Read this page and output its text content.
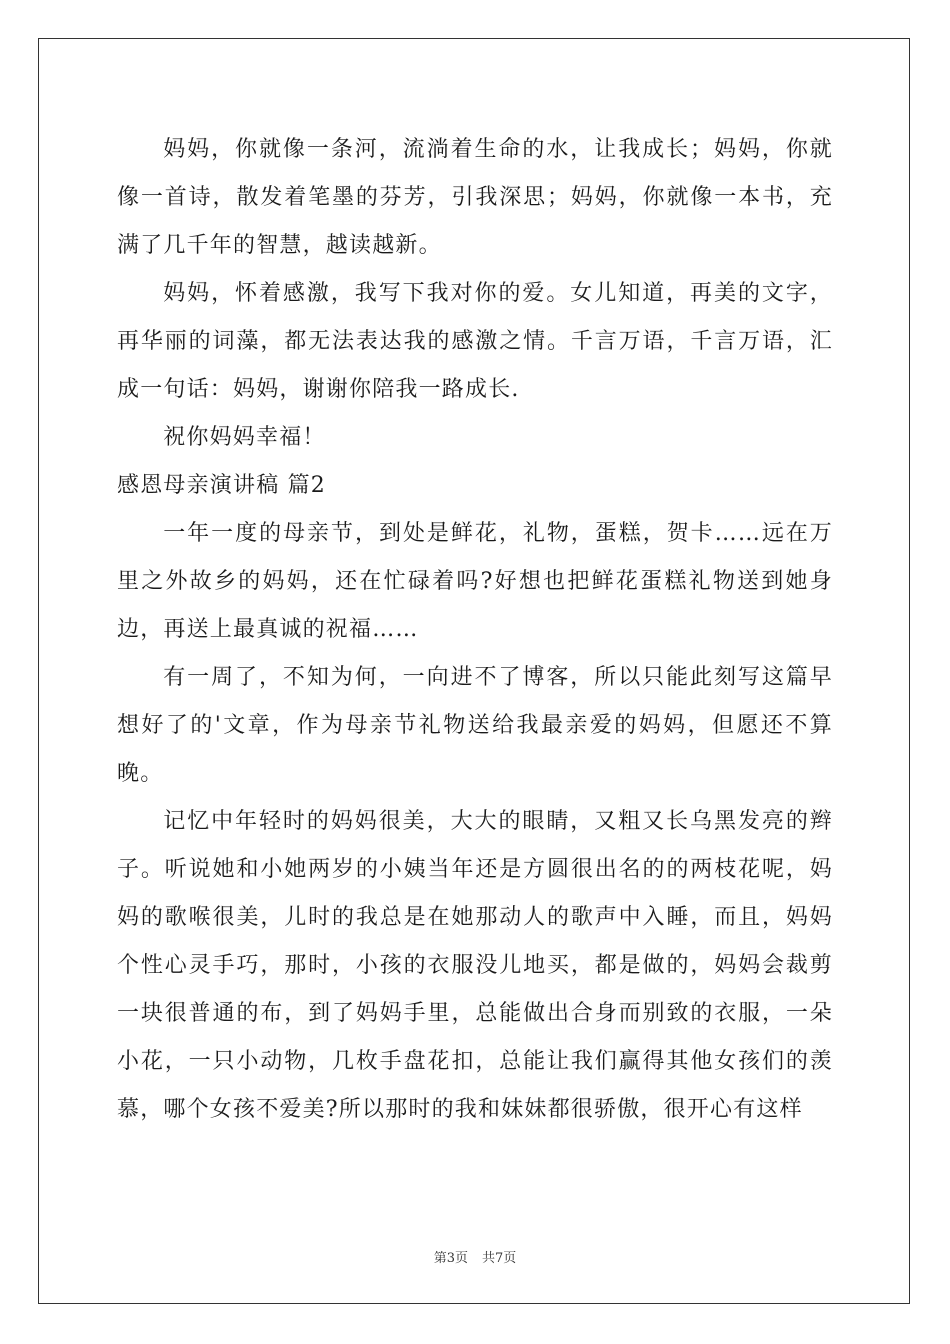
妈妈，你就像一条河，流淌着生命的水，让我成长；妈妈，你就像一首诗，散发着笔墨的芬芳，引我深思；妈妈，你就像一本书，充满了几千年的智慧，越读越新。

妈妈，怀着感激，我写下我对你的爱。女儿知道，再美的文字，再华丽的词藻，都无法表达我的感激之情。千言万语，千言万语，汇成一句话：妈妈，谢谢你陪我一路成长.

祝你妈妈幸福！

感恩母亲演讲稿 篇2

一年一度的母亲节，到处是鲜花，礼物，蛋糕，贺卡……远在万里之外故乡的妈妈，还在忙碌着吗?好想也把鲜花蛋糕礼物送到她身边，再送上最真诚的祝福……

有一周了，不知为何，一向进不了博客，所以只能此刻写这篇早想好了的'文章，作为母亲节礼物送给我最亲爱的妈妈，但愿还不算晚。

记忆中年轻时的妈妈很美，大大的眼睛，又粗又长乌黑发亮的辫子。听说她和小她两岁的小姨当年还是方圆很出名的的两枝花呢，妈妈的歌喉很美，儿时的我总是在她那动人的歌声中入睡，而且，妈妈个性心灵手巧，那时，小孩的衣服没儿地买，都是做的，妈妈会裁剪一块很普通的布，到了妈妈手里，总能做出合身而别致的衣服，一朵小花，一只小动物，几枚手盘花扣，总能让我们赢得其他女孩们的羡慕，哪个女孩不爱美?所以那时的我和妹妹都很骄傲，很开心有这样

第3页 共7页
